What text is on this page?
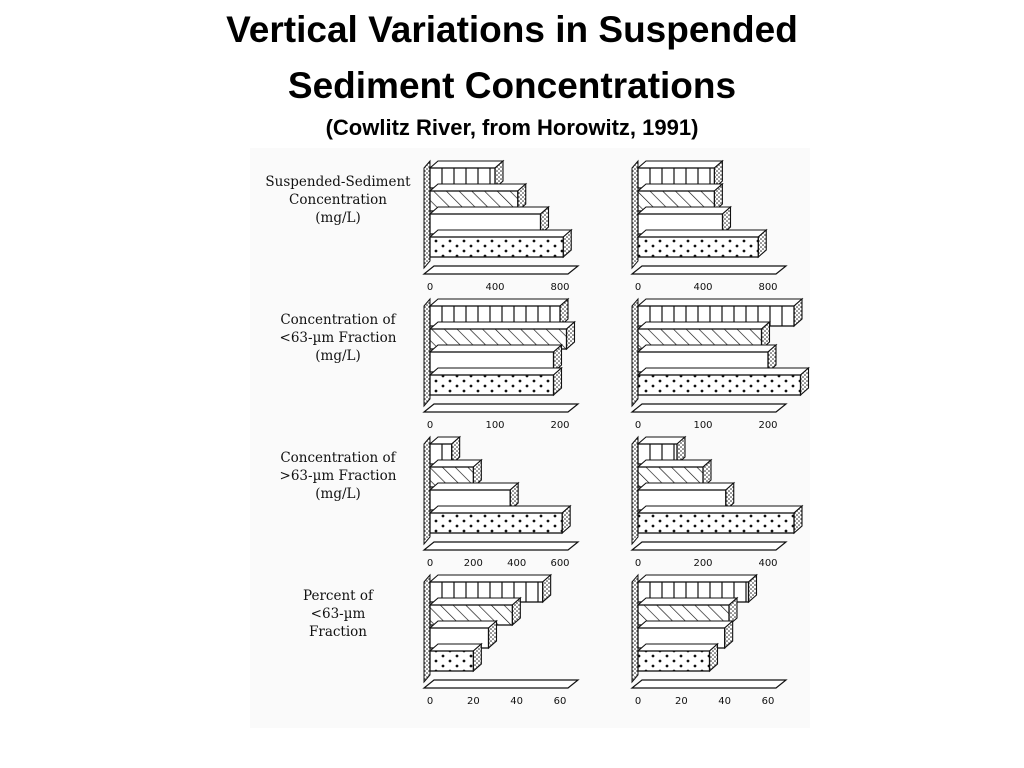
Vertical Variations in Suspended
Sediment Concentrations
(Cowlitz River, from Horowitz, 1991)
Suspended-Sediment
Concentration
(mg/L)
Concentration of
<63-µm Fraction
(mg/L)
Concentration of
>63-µm Fraction
(mg/L)
Percent of
<63-µm
Fraction
0	400	800	0	400	800
0	100	200	0	100	200
0	200 400 600	0	200	400
0	20	40	60	0	20	40	60
